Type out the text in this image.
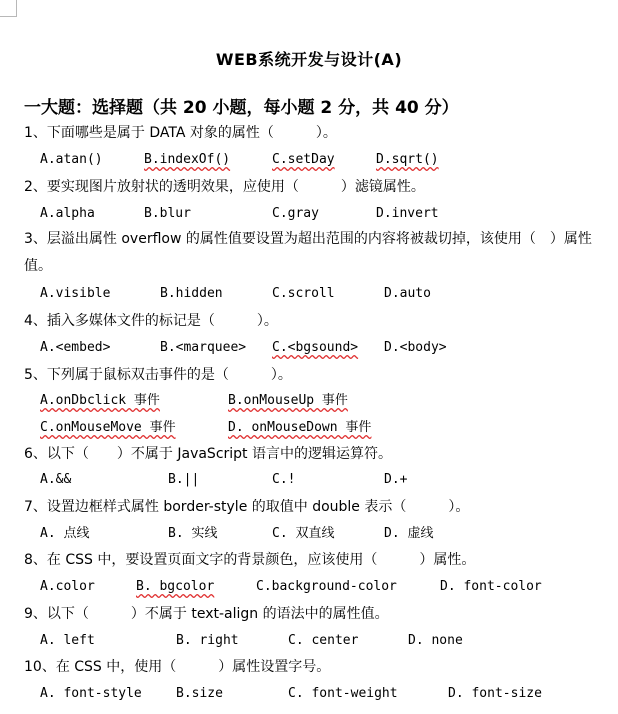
WEB系统开发与设计(A)
一大题：选择题（共 20 小题，每小题 2 分，共 40 分）
1、下面哪些是属于 DATA 对象的属性（　　　）。
A.atan()	B.indexOf()	C.setDay	D.sqrt()
2、要实现图片放射状的透明效果，应使用（　　　）滤镜属性。
A.alpha	B.blur	C.gray	D.invert
3、层溢出属性 overflow 的属性值要设置为超出范围的内容将被裁切掉，该使用（　）属性值。
A.visible	B.hidden	C.scroll	D.auto
4、插入多媒体文件的标记是（　　　）。
A.<embed>	B.<marquee> C.<bgsound> D.<body>
5、下列属于鼠标双击事件的是（　　　）。
A.onDbclick 事件	B.onMouseUp 事件
C.onMouseMove 事件	D. onMouseDown 事件
6、以下（　　）不属于 JavaScript 语言中的逻辑运算符。
A.&&	B.||	C.!	D.+
7、设置边框样式属性 border-style 的取值中 double 表示（　　　）。
A. 点线	B. 实线	C. 双直线	D. 虚线
8、在 CSS 中，要设置页面文字的背景颜色，应该使用（　　　）属性。
A.color	B. bgcolor	C.background-color	D. font-color
9、以下（　　　）不属于 text-align 的语法中的属性值。
A. left	B. right	C. center	D. none
10、在 CSS 中，使用（　　　）属性设置字号。
A. font-style	B.size	C. font-weight	D. font-size
